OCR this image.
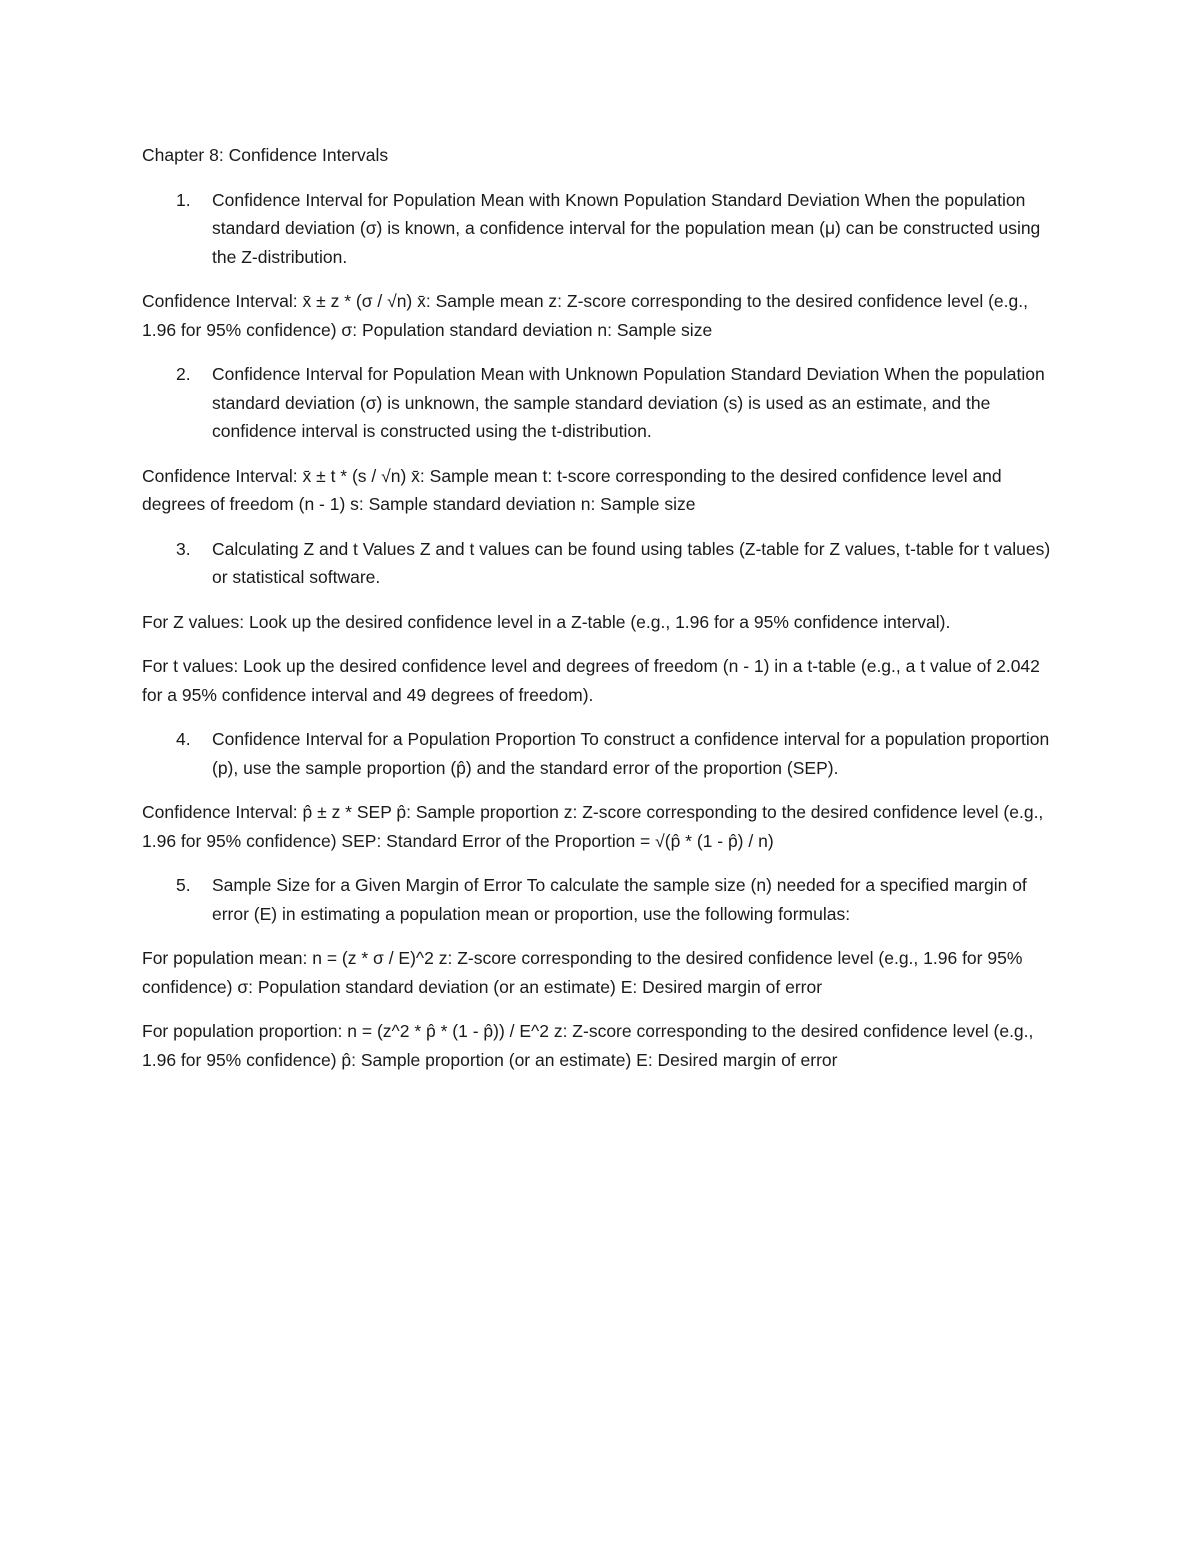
Chapter 8: Confidence Intervals

1. Confidence Interval for Population Mean with Known Population Standard Deviation When the population standard deviation (σ) is known, a confidence interval for the population mean (μ) can be constructed using the Z-distribution.

Confidence Interval: x̄ ± z * (σ / √n) x̄: Sample mean z: Z-score corresponding to the desired confidence level (e.g., 1.96 for 95% confidence) σ: Population standard deviation n: Sample size

2. Confidence Interval for Population Mean with Unknown Population Standard Deviation When the population standard deviation (σ) is unknown, the sample standard deviation (s) is used as an estimate, and the confidence interval is constructed using the t-distribution.

Confidence Interval: x̄ ± t * (s / √n) x̄: Sample mean t: t-score corresponding to the desired confidence level and degrees of freedom (n - 1) s: Sample standard deviation n: Sample size

3. Calculating Z and t Values Z and t values can be found using tables (Z-table for Z values, t-table for t values) or statistical software.

For Z values: Look up the desired confidence level in a Z-table (e.g., 1.96 for a 95% confidence interval).

For t values: Look up the desired confidence level and degrees of freedom (n - 1) in a t-table (e.g., a t value of 2.042 for a 95% confidence interval and 49 degrees of freedom).

4. Confidence Interval for a Population Proportion To construct a confidence interval for a population proportion (p), use the sample proportion (p̂) and the standard error of the proportion (SEP).

Confidence Interval: p̂ ± z * SEP p̂: Sample proportion z: Z-score corresponding to the desired confidence level (e.g., 1.96 for 95% confidence) SEP: Standard Error of the Proportion = √(p̂ * (1 - p̂) / n)

5. Sample Size for a Given Margin of Error To calculate the sample size (n) needed for a specified margin of error (E) in estimating a population mean or proportion, use the following formulas:

For population mean: n = (z * σ / E)^2 z: Z-score corresponding to the desired confidence level (e.g., 1.96 for 95% confidence) σ: Population standard deviation (or an estimate) E: Desired margin of error

For population proportion: n = (z^2 * p̂ * (1 - p̂)) / E^2 z: Z-score corresponding to the desired confidence level (e.g., 1.96 for 95% confidence) p̂: Sample proportion (or an estimate) E: Desired margin of error
